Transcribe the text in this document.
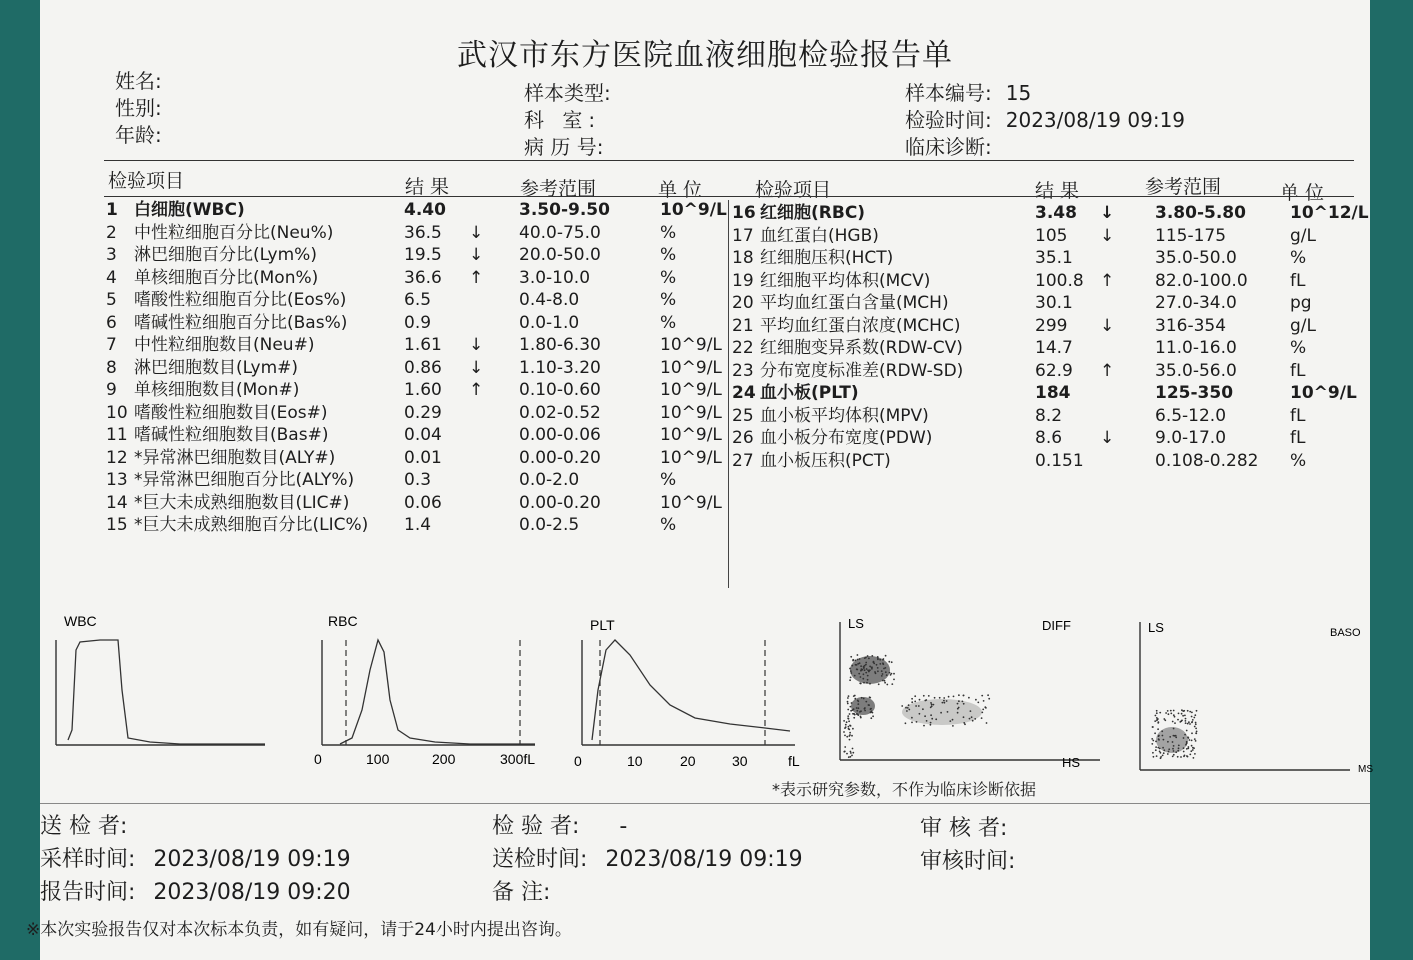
武汉市东方医院血液细胞检验报告单
姓名:
性别:
年龄:
样本类型:
科 室:
病 历 号:
样本编号: 15
检验时间: 2023/08/19 09:19
临床诊断:
检验项目	结 果	参考范围	单 位	检验项目	结 果	参考范围	单 位
1 白细胞(WBC)	4.40	3.50-9.50	10^9/L
2 中性粒细胞百分比(Neu%)	36.5 ↓ 40.0-75.0	%
3 淋巴细胞百分比(Lym%)	19.5 ↓ 20.0-50.0	%
4 单核细胞百分比(Mon%)	36.6 ↑ 3.0-10.0	%
5 嗜酸性粒细胞百分比(Eos%)	6.5	0.4-8.0	%
6 嗜碱性粒细胞百分比(Bas%)	0.9	0.0-1.0	%
7 中性粒细胞数目(Neu#)	1.61 ↓ 1.80-6.30	10^9/L
8 淋巴细胞数目(Lym#)	0.86 ↓ 1.10-3.20	10^9/L
9 单核细胞数目(Mon#)	1.60 ↑ 0.10-0.60	10^9/L
10 嗜酸性粒细胞数目(Eos#)	0.29	0.02-0.52	10^9/L
11 嗜碱性粒细胞数目(Bas#)	0.04	0.00-0.06	10^9/L
12 *异常淋巴细胞数目(ALY#)	0.01	0.00-0.20	10^9/L
13 *异常淋巴细胞百分比(ALY%)	0.3	0.0-2.0	%
14 *巨大未成熟细胞数目(LIC#)	0.06	0.00-0.20	10^9/L
15 *巨大未成熟细胞百分比(LIC%) 1.4	0.0-2.5	%
16 红细胞(RBC)	3.48 ↓ 3.80-5.80	10^12/L
17 血红蛋白(HGB)	105 ↓ 115-175	g/L
18 红细胞压积(HCT)	35.1	35.0-50.0	%
19 红细胞平均体积(MCV)	100.8 ↑ 82.0-100.0 fL
20 平均血红蛋白含量(MCH)	30.1	27.0-34.0	pg
21 平均血红蛋白浓度(MCHC)	299 ↓ 316-354	g/L
22 红细胞变异系数(RDW-CV)	14.7	11.0-16.0	%
23 分布宽度标准差(RDW-SD)	62.9 ↑ 35.0-56.0	fL
24 血小板(PLT)	184	125-350	10^9/L
25 血小板平均体积(MPV)	8.2	6.5-12.0	fL
26 血小板分布宽度(PDW)	8.6 ↓ 9.0-17.0	fL
27 血小板压积(PCT)	0.151	0.108-0.282 %
WBC	RBC
0	100	200	300fL
PLT
0	10	20	30	fL
LS	DIFF
HS
LS	BASO
MS
*表示研究参数，不作为临床诊断依据
送 检 者:
采样时间: 2023/08/19 09:19
报告时间: 2023/08/19 09:20
检 验 者: -
送检时间: 2023/08/19 09:19
备 注:
审 核 者:
审核时间:
※本次实验报告仅对本次标本负责，如有疑问，请于24小时内提出咨询。
